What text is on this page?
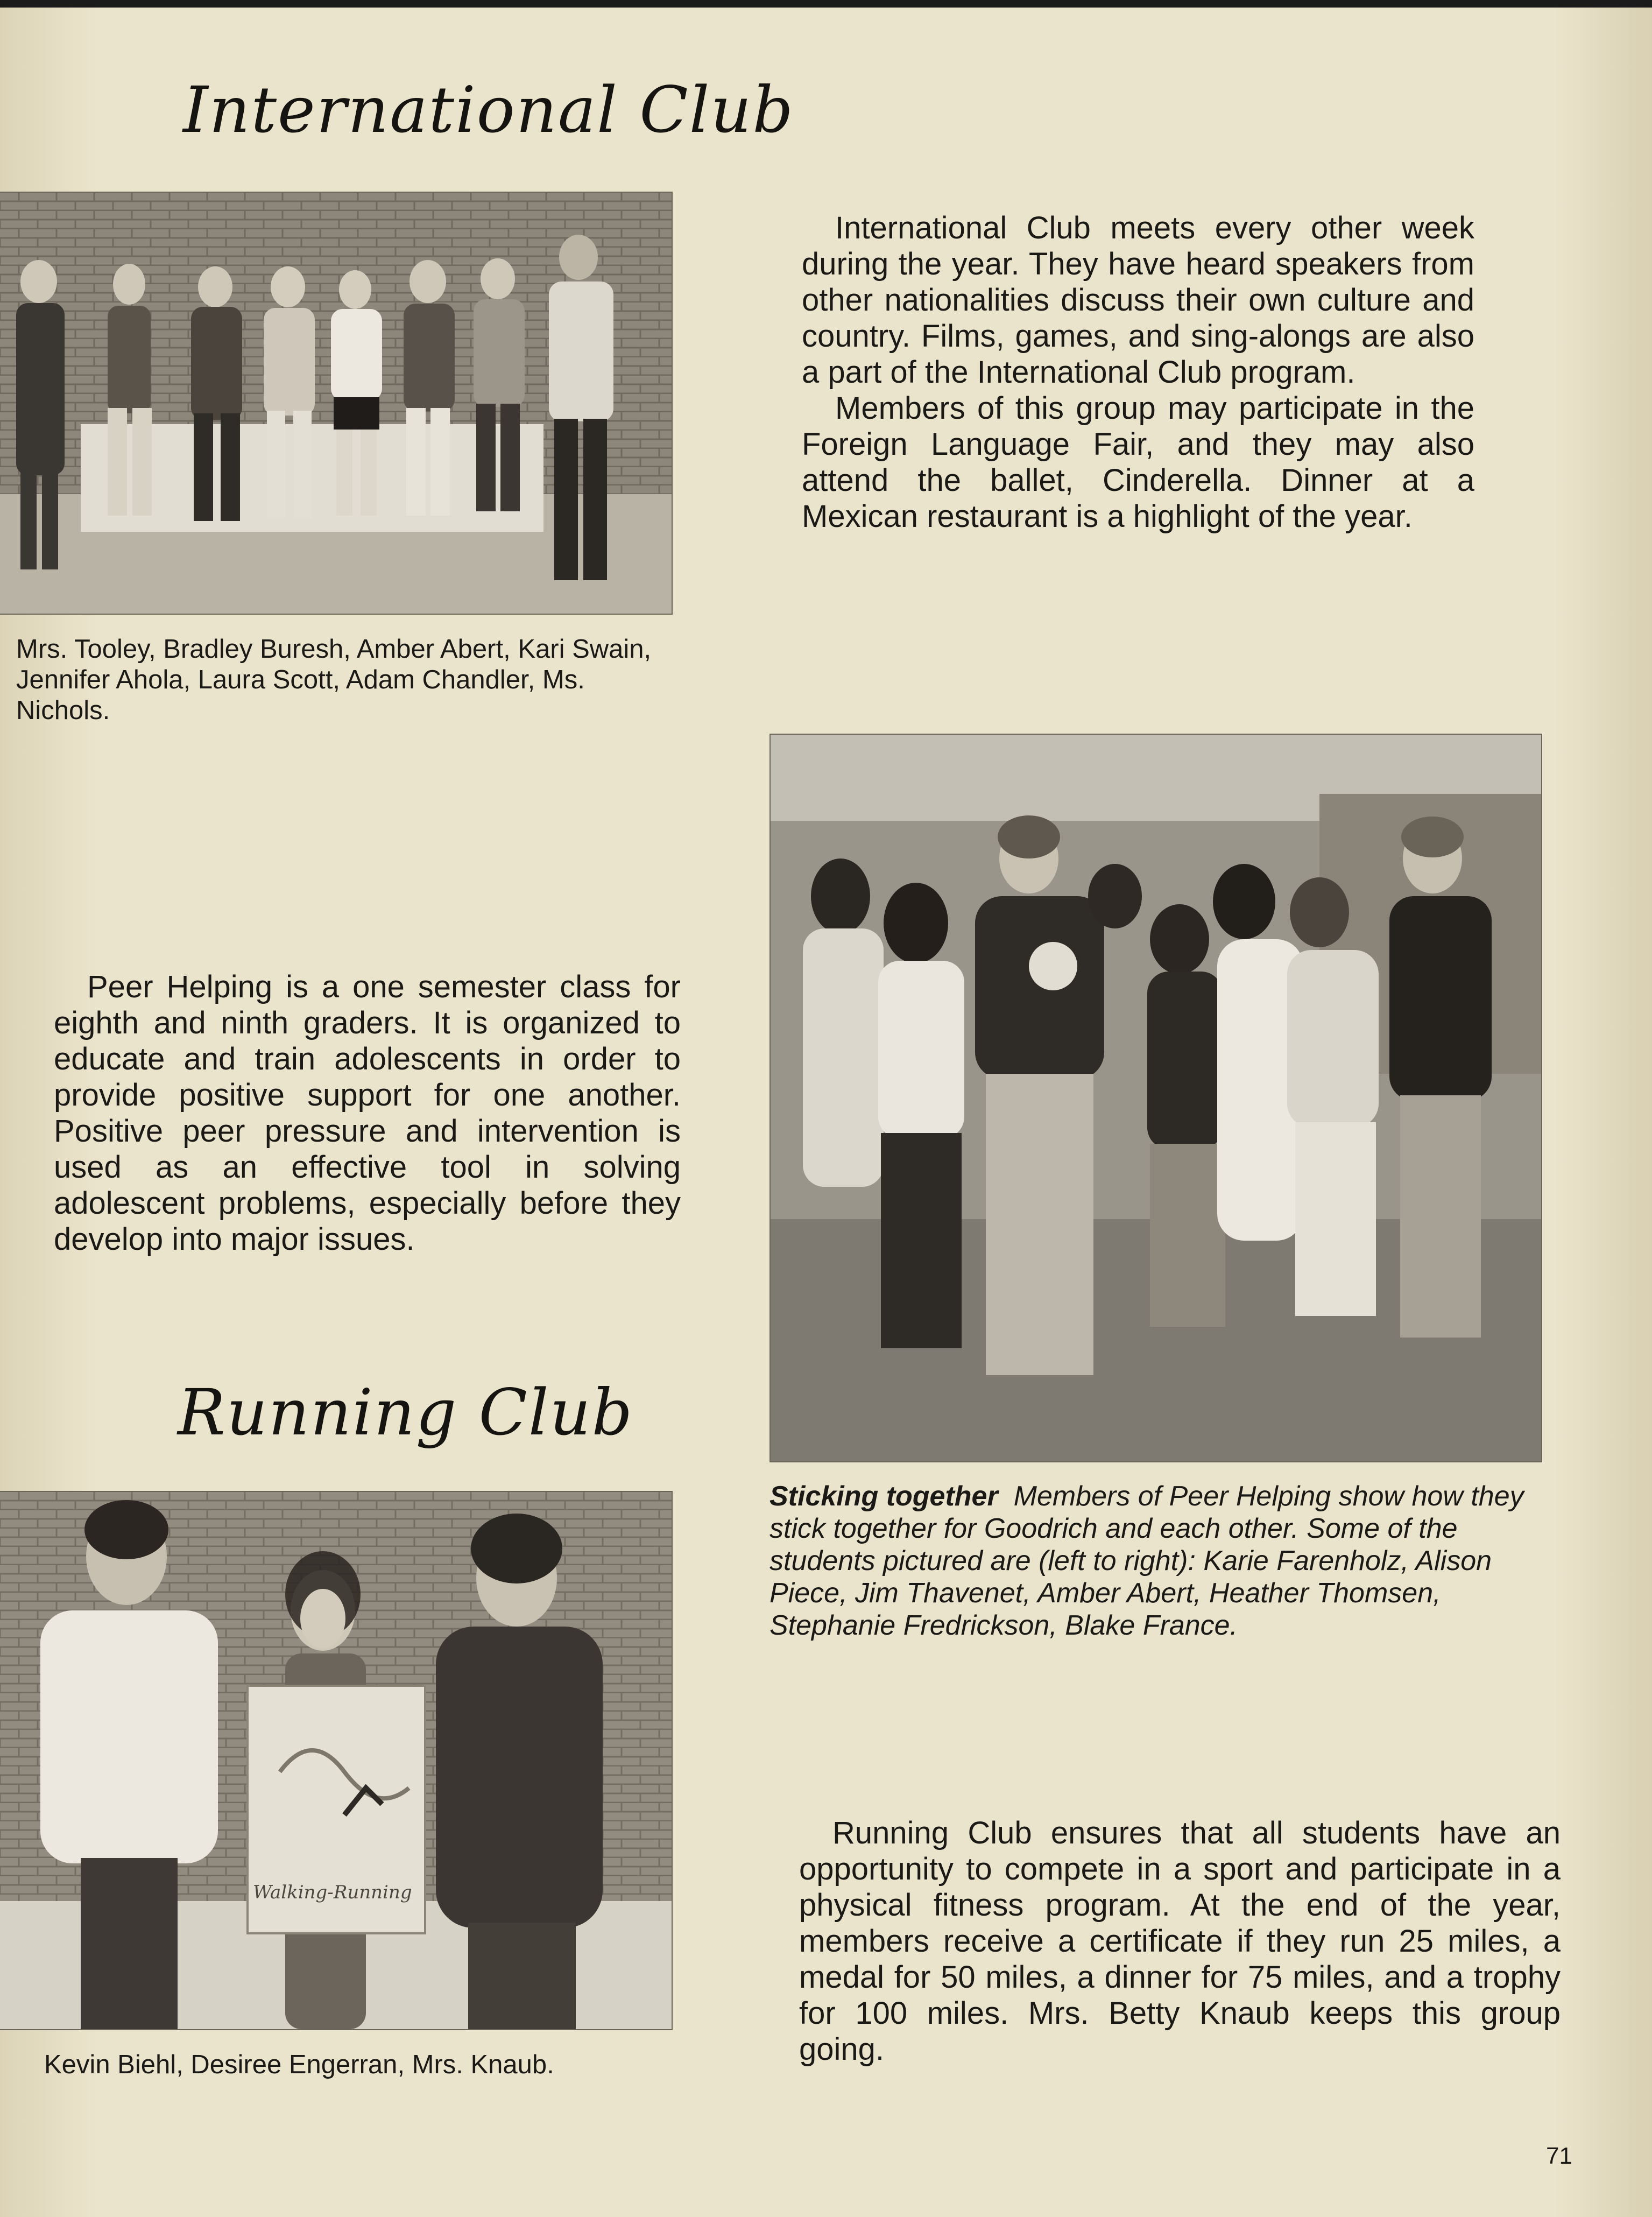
International Club

Mrs. Tooley, Bradley Buresh, Amber Abert, Kari Swain, Jennifer Ahola, Laura Scott, Adam Chandler, Ms. Nichols.

International Club meets every other week during the year. They have heard speakers from other nationalities discuss their own culture and country. Films, games, and sing-alongs are also a part of the International Club program.
Members of this group may participate in the Foreign Language Fair, and they may also attend the ballet, Cinderella. Dinner at a Mexican restaurant is a highlight of the year.

Peer Helping is a one semester class for eighth and ninth graders. It is organized to educate and train adolescents in order to provide positive support for one another. Positive peer pressure and intervention is used as an effective tool in solving adolescent problems, especially before they develop into major issues.

Sticking together Members of Peer Helping show how they stick together for Goodrich and each other. Some of the students pictured are (left to right): Karie Farenholz, Alison Piece, Jim Thavenet, Amber Abert, Heather Thomsen, Stephanie Fredrickson, Blake France.

Running Club
Walking-Running

Kevin Biehl, Desiree Engerran, Mrs. Knaub.

Running Club ensures that all students have an opportunity to compete in a sport and participate in a physical fitness program. At the end of the year, members receive a certificate if they run 25 miles, a medal for 50 miles, a dinner for 75 miles, and a trophy for 100 miles. Mrs. Betty Knaub keeps this group going.

71
